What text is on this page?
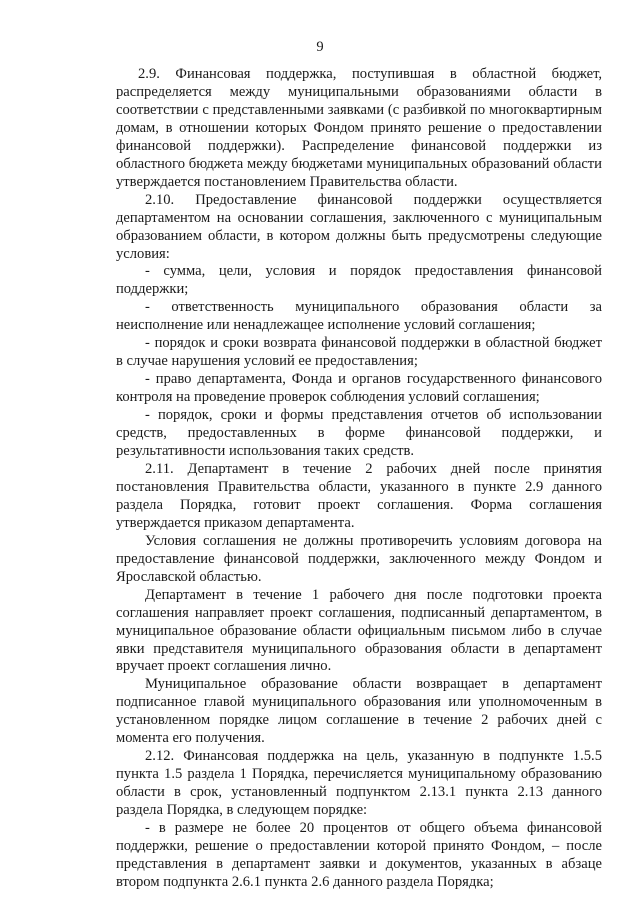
9

2.9. Финансовая поддержка, поступившая в областной бюджет, распределяется между муниципальными образованиями области в соответствии с представленными заявками (с разбивкой по многоквартирным домам, в отношении которых Фондом принято решение о предоставлении финансовой поддержки). Распределение финансовой поддержки из областного бюджета между бюджетами муниципальных образований области утверждается постановлением Правительства области.

2.10. Предоставление финансовой поддержки осуществляется департаментом на основании соглашения, заключенного с муниципальным образованием области, в котором должны быть предусмотрены следующие условия:

- сумма, цели, условия и порядок предоставления финансовой поддержки;

- ответственность муниципального образования области за неисполнение или ненадлежащее исполнение условий соглашения;

- порядок и сроки возврата финансовой поддержки в областной бюджет в случае нарушения условий ее предоставления;

- право департамента, Фонда и органов государственного финансового контроля на проведение проверок соблюдения условий соглашения;

- порядок, сроки и формы представления отчетов об использовании средств, предоставленных в форме финансовой поддержки, и результативности использования таких средств.

2.11. Департамент в течение 2 рабочих дней после принятия постановления Правительства области, указанного в пункте 2.9 данного раздела Порядка, готовит проект соглашения. Форма соглашения утверждается приказом департамента.

Условия соглашения не должны противоречить условиям договора на предоставление финансовой поддержки, заключенного между Фондом и Ярославской областью.

Департамент в течение 1 рабочего дня после подготовки проекта соглашения направляет проект соглашения, подписанный департаментом, в муниципальное образование области официальным письмом либо в случае явки представителя муниципального образования области в департамент вручает проект соглашения лично.

Муниципальное образование области возвращает в департамент подписанное главой муниципального образования или уполномоченным в установленном порядке лицом соглашение в течение 2 рабочих дней с момента его получения.

2.12. Финансовая поддержка на цель, указанную в подпункте 1.5.5 пункта 1.5 раздела 1 Порядка, перечисляется муниципальному образованию области в срок, установленный подпунктом 2.13.1 пункта 2.13 данного раздела Порядка, в следующем порядке:

- в размере не более 20 процентов от общего объема финансовой поддержки, решение о предоставлении которой принято Фондом, – после представления в департамент заявки и документов, указанных в абзаце втором подпункта 2.6.1 пункта 2.6 данного раздела Порядка;
